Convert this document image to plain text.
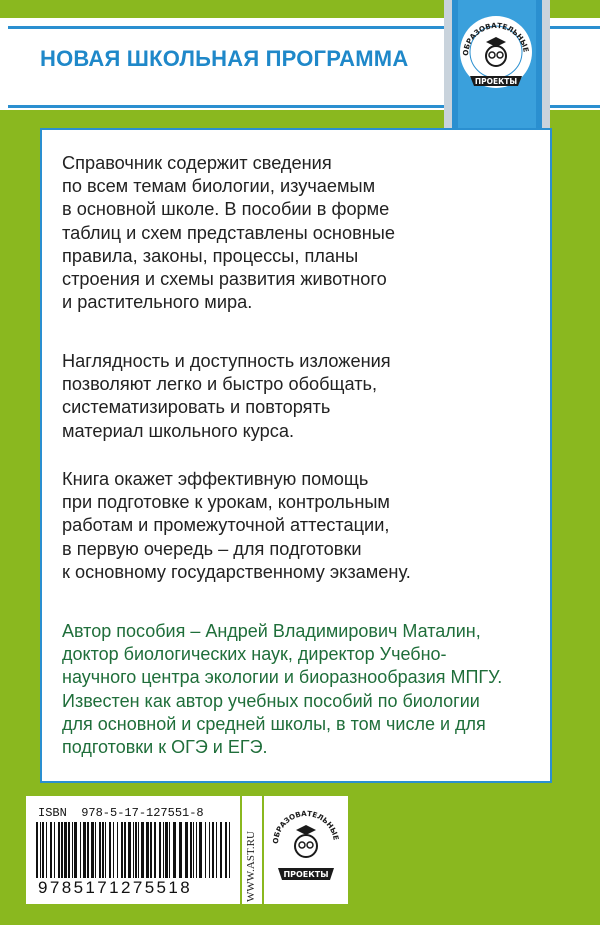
НОВАЯ ШКОЛЬНАЯ ПРОГРАММА	ОБРАЗОВАТЕЛЬНЫЕ
ПРОЕКТЫ

Справочник содержит сведения
по всем темам биологии, изучаемым
в основной школе. В пособии в форме
таблиц и схем представлены основные
правила, законы, процессы, планы
строения и схемы развития животного
и растительного мира.

Наглядность и доступность изложения
позволяют легко и быстро обобщать,
систематизировать и повторять
материал школьного курса.

Книга окажет эффективную помощь
при подготовке к урокам, контрольным
работам и промежуточной аттестации,
в первую очередь – для подготовки
к основному государственному экзамену.

Автор пособия – Андрей Владимирович Маталин,
доктор биологических наук, директор Учебно-
научного центра экологии и биоразнообразия МПГУ.
Известен как автор учебных пособий по биологии
для основной и средней школы, в том числе и для
подготовки к ОГЭ и ЕГЭ.

ISBN  978-5-17-127551-8
9785171275518	WWW.AST.RU ОБРАЗОВАТЕЛЬНЫЕ
ПРОЕКТЫ
